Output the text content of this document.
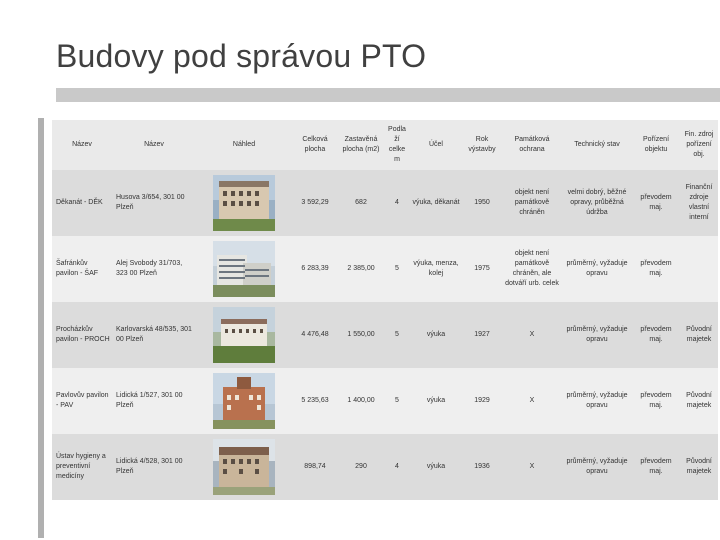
Budovy pod správou PTO
Název	Název	Náhled	Celková plocha	Zastavěná plocha (m2)	Podla ží celke m	Účel	Rok výstavby	Památková ochrana	Technický stav	Pořízení objektu	Fin. zdroj pořízení obj.
Děkanát - DĚK	Husova 3/654, 301 00 Plzeň		3 592,29	682	4	výuka, děkanát	1950	objekt není památkově chráněn	velmi dobrý, běžné opravy, průběžná údržba	převodem maj.	Finanční zdroje vlastní interní
Šafránkův pavilon - ŠAF	Alej Svobody 31/703, 323 00 Plzeň		6 283,39	2 385,00	5	výuka, menza, kolej	1975	objekt není památkově chráněn, ale dotváří urb. celek	průměrný, vyžaduje opravu	převodem maj.	
Procházkův pavilon - PROCH	Karlovarská 48/535, 301 00 Plzeň		4 476,48	1 550,00	5	výuka	1927	X	průměrný, vyžaduje opravu	převodem maj.	Původní majetek
Pavlovův pavilon - PAV	Lidická 1/527, 301 00 Plzeň		5 235,63	1 400,00	5	výuka	1929	X	průměrný, vyžaduje opravu	převodem maj.	Původní majetek
Ústav hygieny a preventivní medicíny	Lidická 4/528, 301 00 Plzeň		898,74	290	4	výuka	1936	X	průměrný, vyžaduje opravu	převodem maj.	Původní majetek
